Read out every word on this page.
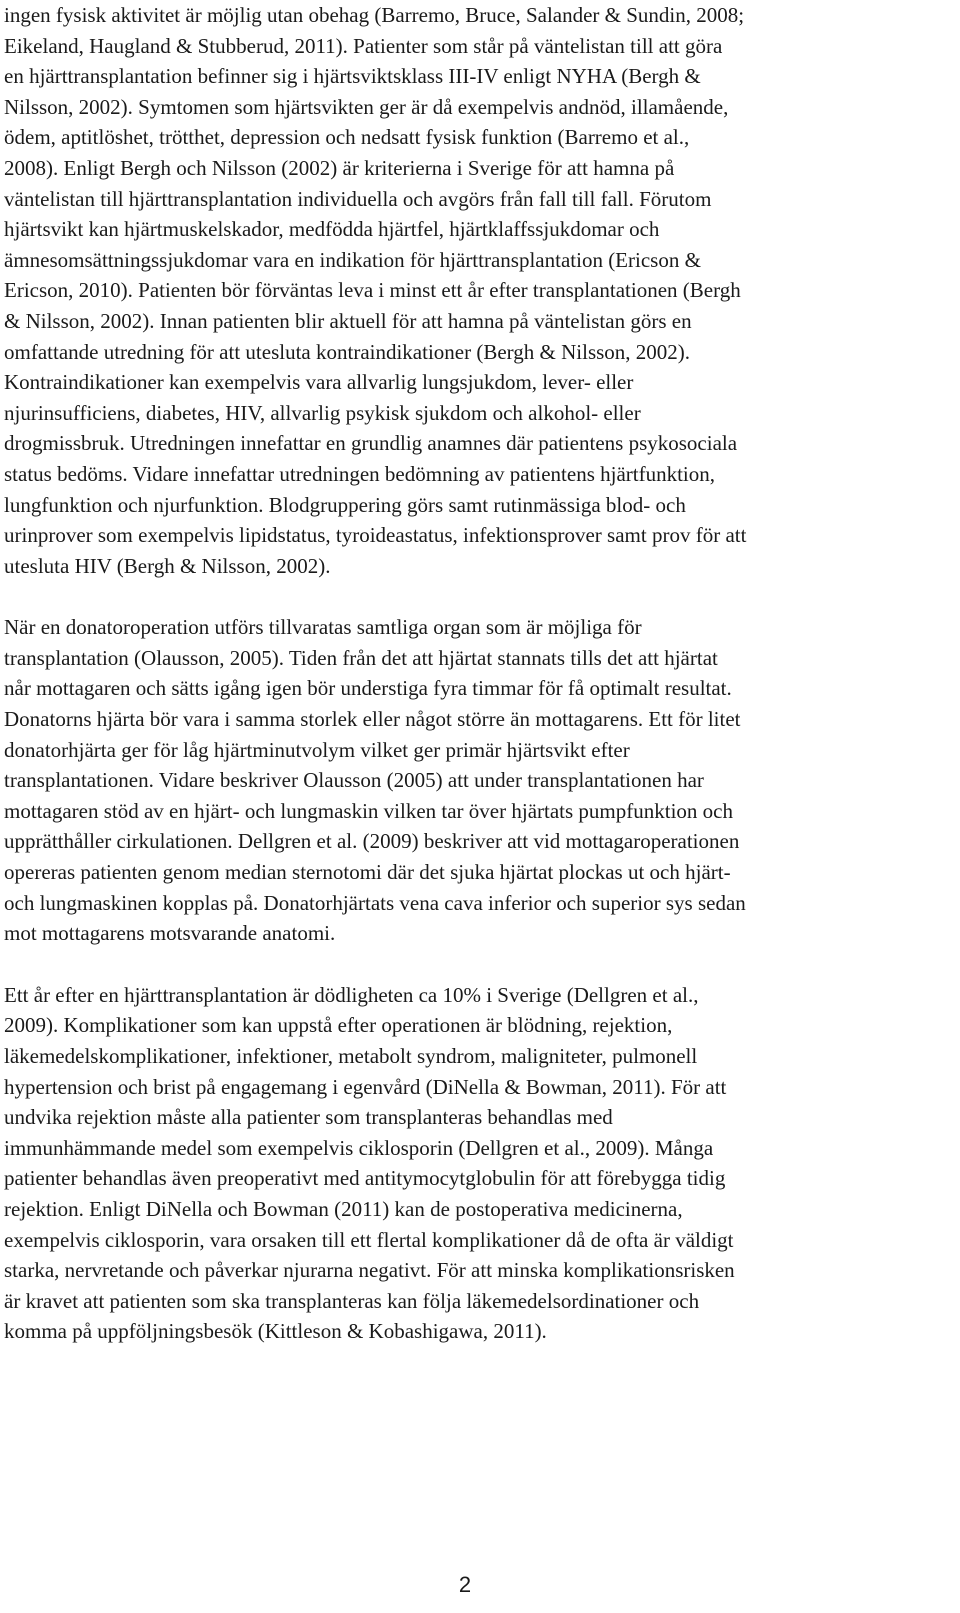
ingen fysisk aktivitet är möjlig utan obehag (Barremo, Bruce, Salander & Sundin, 2008;
Eikeland, Haugland & Stubberud, 2011). Patienter som står på väntelistan till att göra
en hjärttransplantation befinner sig i hjärtsviktsklass III-IV enligt NYHA (Bergh &
Nilsson, 2002). Symtomen som hjärtsvikten ger är då exempelvis andnöd, illamående,
ödem, aptitlöshet, trötthet, depression och nedsatt fysisk funktion (Barremo et al.,
2008). Enligt Bergh och Nilsson (2002) är kriterierna i Sverige för att hamna på
väntelistan till hjärttransplantation individuella och avgörs från fall till fall. Förutom
hjärtsvikt kan hjärtmuskelskador, medfödda hjärtfel, hjärtklaffssjukdomar och
ämnesomsättningssjukdomar vara en indikation för hjärttransplantation (Ericson &
Ericson, 2010). Patienten bör förväntas leva i minst ett år efter transplantationen (Bergh
& Nilsson, 2002). Innan patienten blir aktuell för att hamna på väntelistan görs en
omfattande utredning för att utesluta kontraindikationer (Bergh & Nilsson, 2002).
Kontraindikationer kan exempelvis vara allvarlig lungsjukdom, lever- eller
njurinsufficiens, diabetes, HIV, allvarlig psykisk sjukdom och alkohol- eller
drogmissbruk. Utredningen innefattar en grundlig anamnes där patientens psykosociala
status bedöms. Vidare innefattar utredningen bedömning av patientens hjärtfunktion,
lungfunktion och njurfunktion. Blodgruppering görs samt rutinmässiga blod- och
urinprover som exempelvis lipidstatus, tyroideastatus, infektionsprover samt prov för att
utesluta HIV (Bergh & Nilsson, 2002).
När en donatoroperation utförs tillvaratas samtliga organ som är möjliga för
transplantation (Olausson, 2005). Tiden från det att hjärtat stannats tills det att hjärtat
når mottagaren och sätts igång igen bör understiga fyra timmar för få optimalt resultat.
Donatorns hjärta bör vara i samma storlek eller något större än mottagarens. Ett för litet
donatorhjärta ger för låg hjärtminutvolym vilket ger primär hjärtsvikt efter
transplantationen. Vidare beskriver Olausson (2005) att under transplantationen har
mottagaren stöd av en hjärt- och lungmaskin vilken tar över hjärtats pumpfunktion och
upprätthåller cirkulationen. Dellgren et al. (2009) beskriver att vid mottagaroperationen
opereras patienten genom median sternotomi där det sjuka hjärtat plockas ut och hjärt-
och lungmaskinen kopplas på. Donatorhjärtats vena cava inferior och superior sys sedan
mot mottagarens motsvarande anatomi.
Ett år efter en hjärttransplantation är dödligheten ca 10% i Sverige (Dellgren et al.,
2009). Komplikationer som kan uppstå efter operationen är blödning, rejektion,
läkemedelskomplikationer, infektioner, metabolt syndrom, maligniteter, pulmonell
hypertension och brist på engagemang i egenvård (DiNella & Bowman, 2011). För att
undvika rejektion måste alla patienter som transplanteras behandlas med
immunhämmande medel som exempelvis ciklosporin (Dellgren et al., 2009). Många
patienter behandlas även preoperativt med antitymocytglobulin för att förebygga tidig
rejektion. Enligt DiNella och Bowman (2011) kan de postoperativa medicinerna,
exempelvis ciklosporin, vara orsaken till ett flertal komplikationer då de ofta är väldigt
starka, nervretande och påverkar njurarna negativt. För att minska komplikationsrisken
är kravet att patienten som ska transplanteras kan följa läkemedelsordinationer och
komma på uppföljningsbesök (Kittleson & Kobashigawa, 2011).
2
